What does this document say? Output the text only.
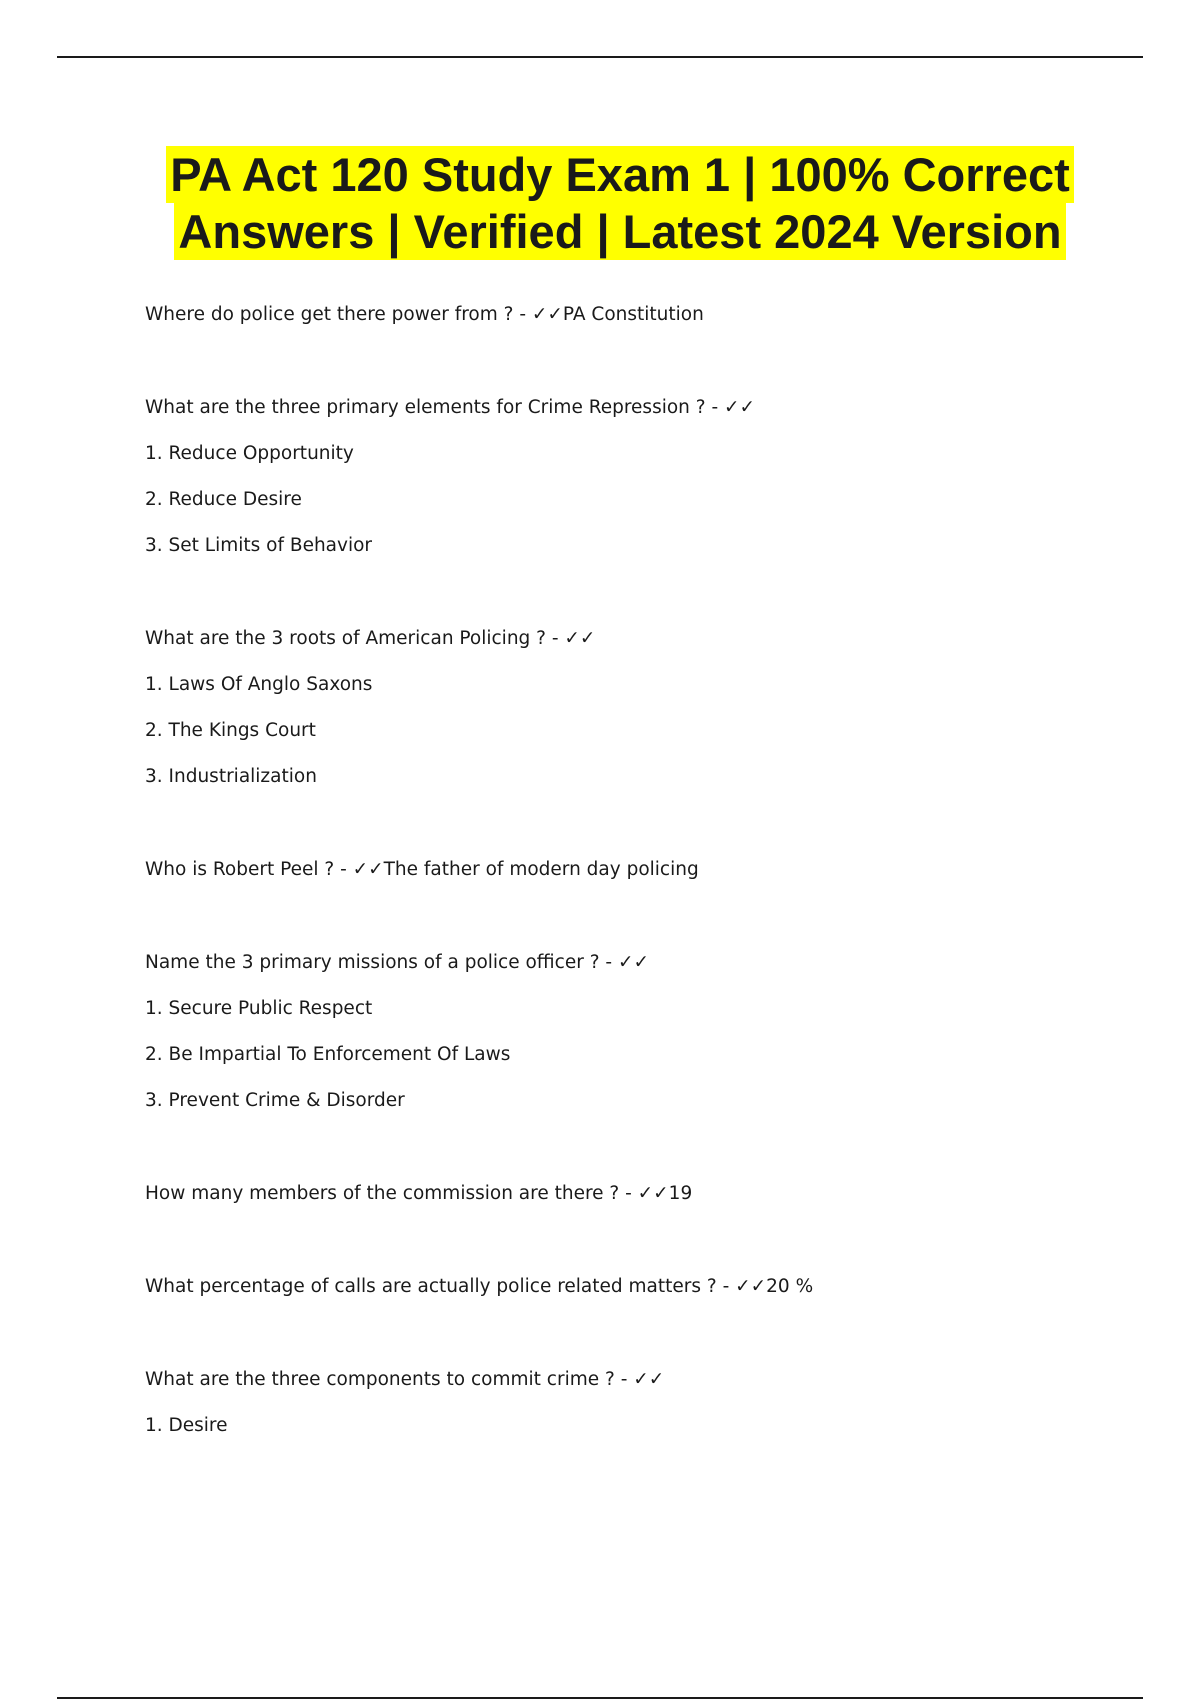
PA Act 120 Study Exam 1 | 100% Correct
Answers | Verified | Latest 2024 Version

Where do police get there power from ? - ✓✓PA Constitution

What are the three primary elements for Crime Repression ? - ✓✓

1. Reduce Opportunity

2. Reduce Desire

3. Set Limits of Behavior

What are the 3 roots of American Policing ? - ✓✓

1. Laws Of Anglo Saxons

2. The Kings Court

3. Industrialization

Who is Robert Peel ? - ✓✓The father of modern day policing

Name the 3 primary missions of a police officer ? - ✓✓

1. Secure Public Respect

2. Be Impartial To Enforcement Of Laws

3. Prevent Crime & Disorder

How many members of the commission are there ? - ✓✓19

What percentage of calls are actually police related matters ? - ✓✓20 %

What are the three components to commit crime ? - ✓✓

1. Desire
